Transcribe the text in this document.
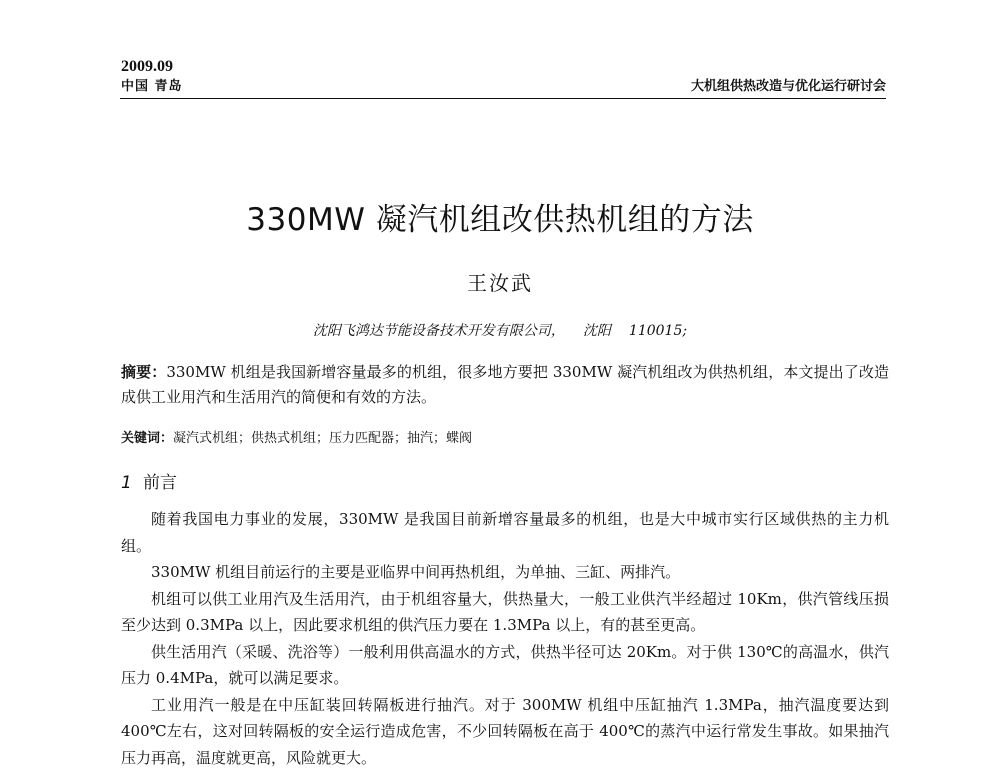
2009.09
中国 青岛	大机组供热改造与优化运行研讨会
330MW 凝汽机组改供热机组的方法
王汝武
沈阳飞鸿达节能设备技术开发有限公司， 沈阳 110015;
摘要：330MW 机组是我国新增容量最多的机组，很多地方要把 330MW 凝汽机组改为供热机组，本文提出了改造成供工业用汽和生活用汽的简便和有效的方法。
关键词：凝汽式机组；供热式机组；压力匹配器；抽汽；蝶阀
1 前言

随着我国电力事业的发展，330MW 是我国目前新增容量最多的机组，也是大中城市实行区域供热的主力机组。

330MW 机组目前运行的主要是亚临界中间再热机组，为单抽、三缸、两排汽。

机组可以供工业用汽及生活用汽，由于机组容量大，供热量大，一般工业供汽半经超过 10Km，供汽管线压损至少达到 0.3MPa 以上，因此要求机组的供汽压力要在 1.3MPa 以上，有的甚至更高。

供生活用汽（采暖、洗浴等）一般利用供高温水的方式，供热半径可达 20Km。对于供 130℃的高温水，供汽压力 0.4MPa，就可以满足要求。

工业用汽一般是在中压缸装回转隔板进行抽汽。对于 300MW 机组中压缸抽汽 1.3MPa，抽汽温度要达到 400℃左右，这对回转隔板的安全运行造成危害，不少回转隔板在高于 400℃的蒸汽中运行常发生事故。如果抽汽压力再高，温度就更高，风险就更大。
